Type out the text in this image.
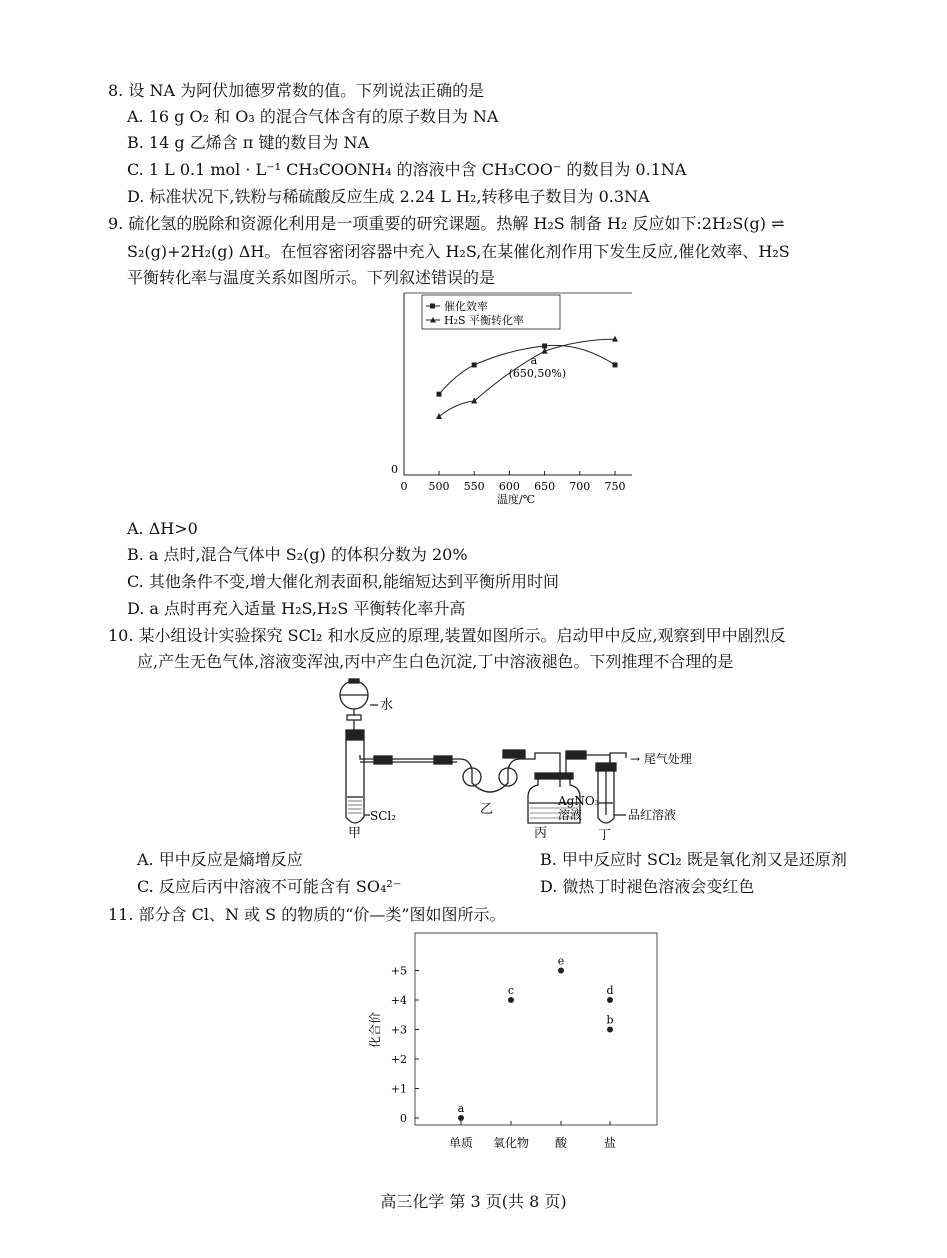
8. 设 NA 为阿伏加德罗常数的值。下列说法正确的是
A. 16 g O₂ 和 O₃ 的混合气体含有的原子数目为 NA
B. 14 g 乙烯含 π 键的数目为 NA
C. 1 L 0.1 mol · L⁻¹ CH₃COONH₄ 的溶液中含 CH₃COO⁻ 的数目为 0.1NA
D. 标准状况下,铁粉与稀硫酸反应生成 2.24 L H₂,转移电子数目为 0.3NA
9. 硫化氢的脱除和资源化利用是一项重要的研究课题。热解 H₂S 制备 H₂ 反应如下:2H₂S(g) ⇌
S₂(g)+2H₂(g) ΔH。在恒容密闭容器中充入 H₂S,在某催化剂作用下发生反应,催化效率、H₂S
平衡转化率与温度关系如图所示。下列叙述错误的是
0 500 550 600 650 700 750
0
温度/℃
催化效率
H₂S 平衡转化率
a
(650,50%)
A. ΔH>0
B. a 点时,混合气体中 S₂(g) 的体积分数为 20%
C. 其他条件不变,增大催化剂表面积,能缩短达到平衡所用时间
D. a 点时再充入适量 H₂S,H₂S 平衡转化率升高
10. 某小组设计实验探究 SCl₂ 和水反应的原理,装置如图所示。启动甲中反应,观察到甲中剧烈反
应,产生无色气体,溶液变浑浊,丙中产生白色沉淀,丁中溶液褪色。下列推理不合理的是
水
SCl₂
甲
乙
丙
AgNO₃
溶液
丁
品红溶液
→ 尾气处理
A. 甲中反应是熵增反应	B. 甲中反应时 SCl₂ 既是氧化剂又是还原剂
C. 反应后丙中溶液不可能含有 SO₄²⁻	D. 微热丁时褪色溶液会变红色
11. 部分含 Cl、N 或 S 的物质的“价—类”图如图所示。
化合价
0
+1
+2
+3
+4
+5
单质 氧化物 酸	盐
a
c
e
d
b
高三化学 第 3 页(共 8 页)
